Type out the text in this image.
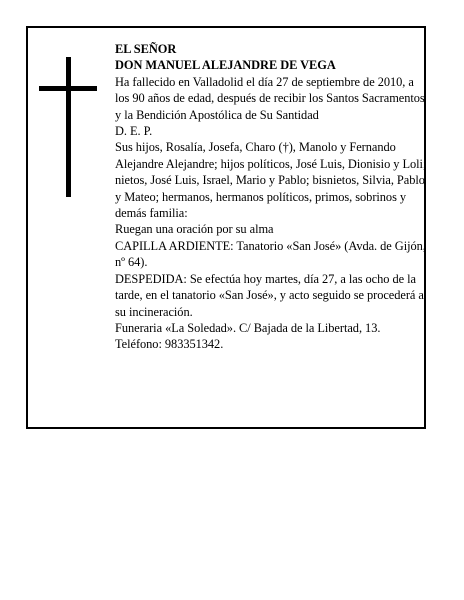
EL SEÑOR

DON MANUEL ALEJANDRE DE VEGA

Ha fallecido en Valladolid el día 27 de septiembre de 2010, a los 90 años de edad, después de recibir los Santos Sacramentos y la Bendición Apostólica de Su Santidad

D. E. P.

Sus hijos, Rosalía, Josefa, Charo (†), Manolo y Fernando Alejandre Alejandre; hijos políticos, José Luis, Dionisio y Loli; nietos, José Luis, Israel, Mario y Pablo; bisnietos, Silvia, Pablo y Mateo; hermanos, hermanos políticos, primos, sobrinos y demás familia:

Ruegan una oración por su alma

CAPILLA ARDIENTE: Tanatorio «San José» (Avda. de Gijón, nº 64).

DESPEDIDA: Se efectúa hoy martes, día 27, a las ocho de la tarde, en el tanatorio «San José», y acto seguido se procederá a su incineración.

Funeraria «La Soledad». C/ Bajada de la Libertad, 13. Teléfono: 983351342.
